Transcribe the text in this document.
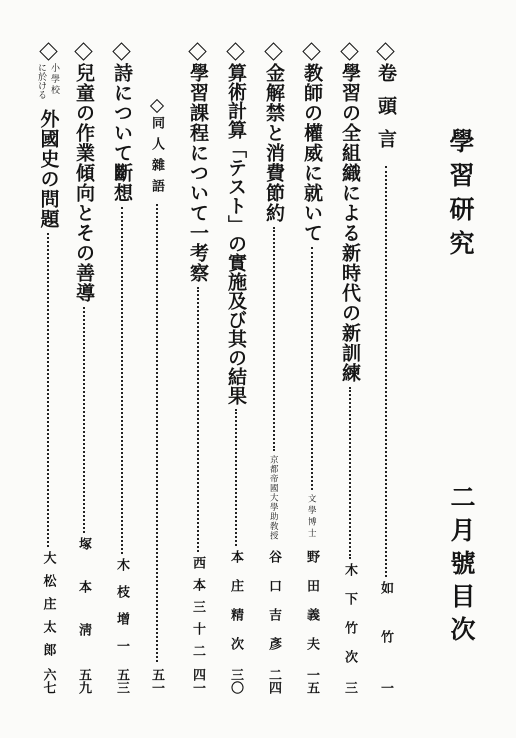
學習研究
二月號目次
卷頭言
如竹
一
學習の全組織による新時代の新訓練
木下竹次
三
教師の權威に就いて
文學博士
野田義夫
一五
金解禁と消費節約
京都帝國大學助敎授
谷口吉彥
二四
算術計算「テスト」の實施及び其の結果
本庄精次
三〇
學習課程について一考察
西本三十二
四一
同人雜語
五一
詩について斷想
木枝增一
五三
兒童の作業傾向とその善導
塚本淸
五九
小學校
に於ける
外國史の問題
大松庄太郎
六七
